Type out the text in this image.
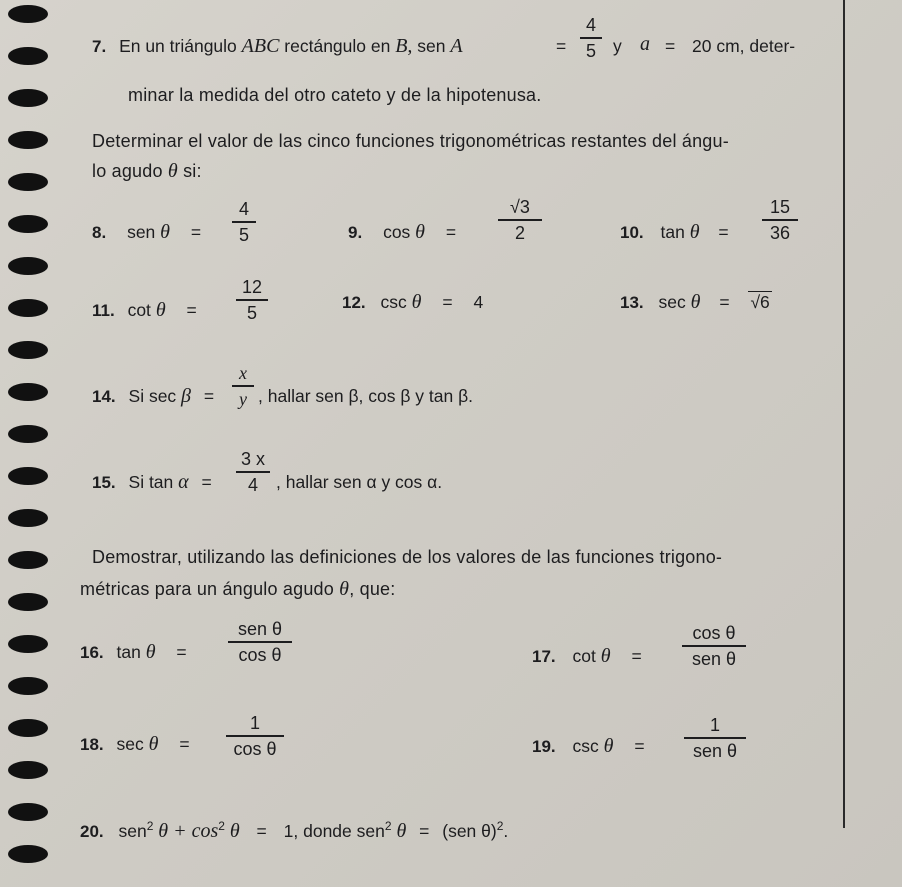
7. En un triángulo ABC rectángulo en B, sen A	=
4
5 y a = 20 cm, deter-
minar la medida del otro cateto y de la hipotenusa.
Determinar el valor de las cinco funciones trigonométricas restantes del ángu-
lo agudo θ si:
8. sen θ =
4
5	9. cos θ =
√3
2	10. tan θ =
15
36
11. cot θ =
12
5	12. csc θ = 4	13. sec θ = √6
14. Si sec β =
x
y , hallar sen β, cos β y tan β.
15. Si tan α =
3 x
4	, hallar sen α y cos α.
Demostrar, utilizando las definiciones de los valores de las funciones trigono-
métricas para un ángulo agudo θ, que:
16. tan θ =
sen θ
cos θ	17. cot θ =
cos θ
sen θ
18. sec θ =
1
cos θ	19. csc θ =
1
sen θ
20. sen$^2$ $\theta + \cos^2 \theta = 1$, donde sen$^2$ θ = (sen θ)$^2$.
